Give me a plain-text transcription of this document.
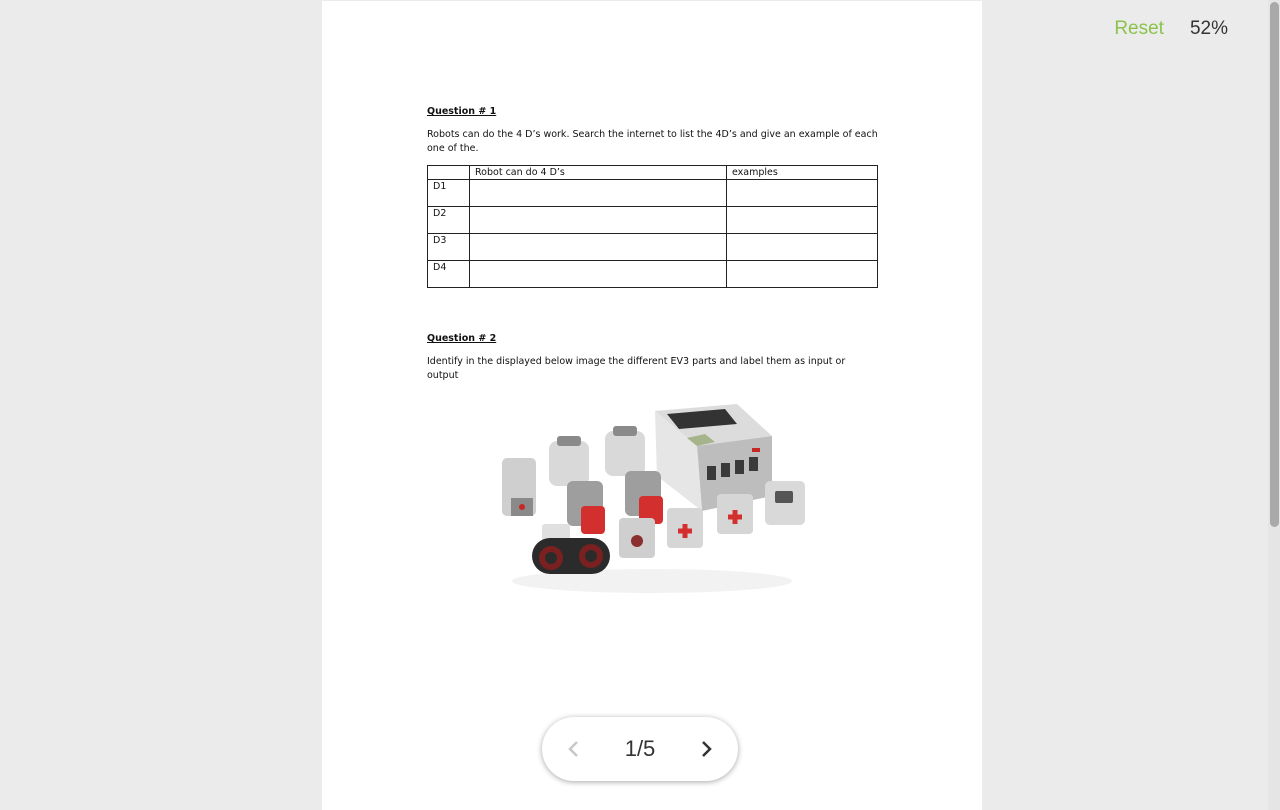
Question # 1
Robots can do the 4 D’s work. Search the internet to list the 4D’s and give an example of each one of the.
	Robot can do 4 D’s	examples
D1		
D2		
D3		
D4		
Question # 2
Identify in the displayed below image the different EV3 parts and label them as input or output
Reset 52%
1/5
